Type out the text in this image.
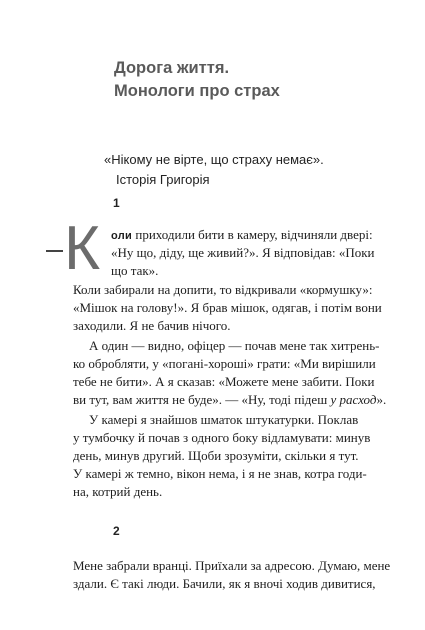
Дорога життя.
Монологи про страх
«Нікому не вірте, що страху немає».
Історія Григорія
1
К оли приходили бити в камеру, відчиняли двері:
«Ну що, діду, ще живий?». Я відповідав: «Поки
що так».
Коли забирали на допити, то відкривали «кормушку»:
«Мішок на голову!». Я брав мішок, одягав, і потім вони
заходили. Я не бачив нічого.
А один — видно, офіцер — почав мене так хитрень-
ко обробляти, у «погані-хороші» грати: «Ми вирішили
тебе не бити». А я сказав: «Можете мене забити. Поки
ви тут, вам життя не буде». — «Ну, тоді підеш у расход».
У камері я знайшов шматок штукатурки. Поклав
у тумбочку й почав з одного боку відламувати: минув
день, минув другий. Щоби зрозуміти, скільки я тут.
У камері ж темно, вікон нема, і я не знав, котра годи-
на, котрий день.
2
Мене забрали вранці. Приїхали за адресою. Думаю, мене
здали. Є такі люди. Бачили, як я вночі ходив дивитися,
